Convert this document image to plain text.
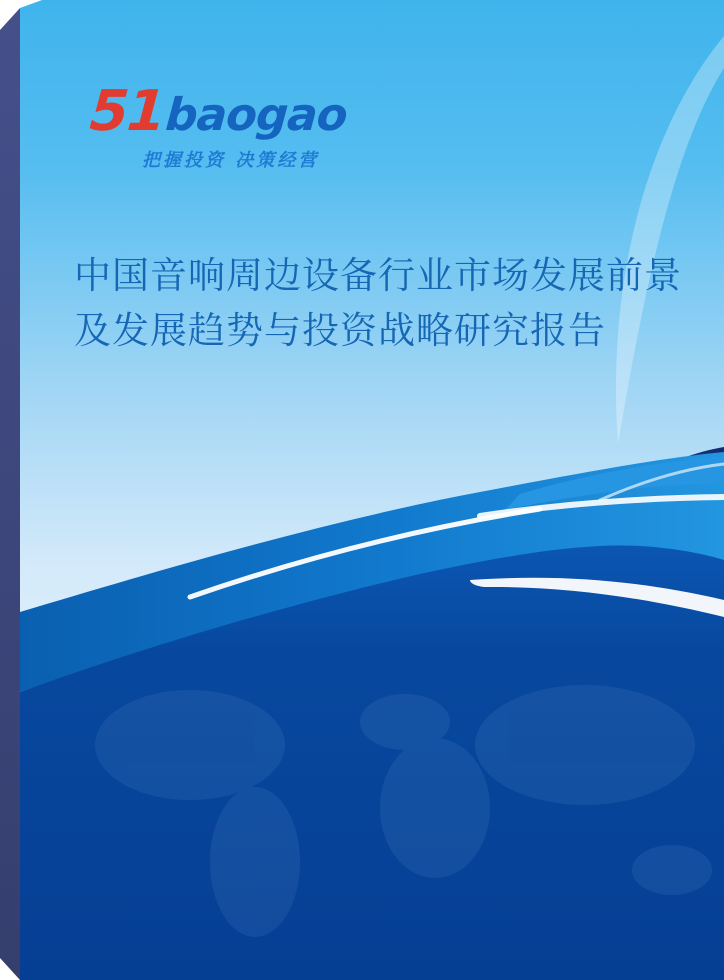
51
baogao
把握投资 决策经营
中国音响周边设备行业市场发展前景
及发展趋势与投资战略研究报告
